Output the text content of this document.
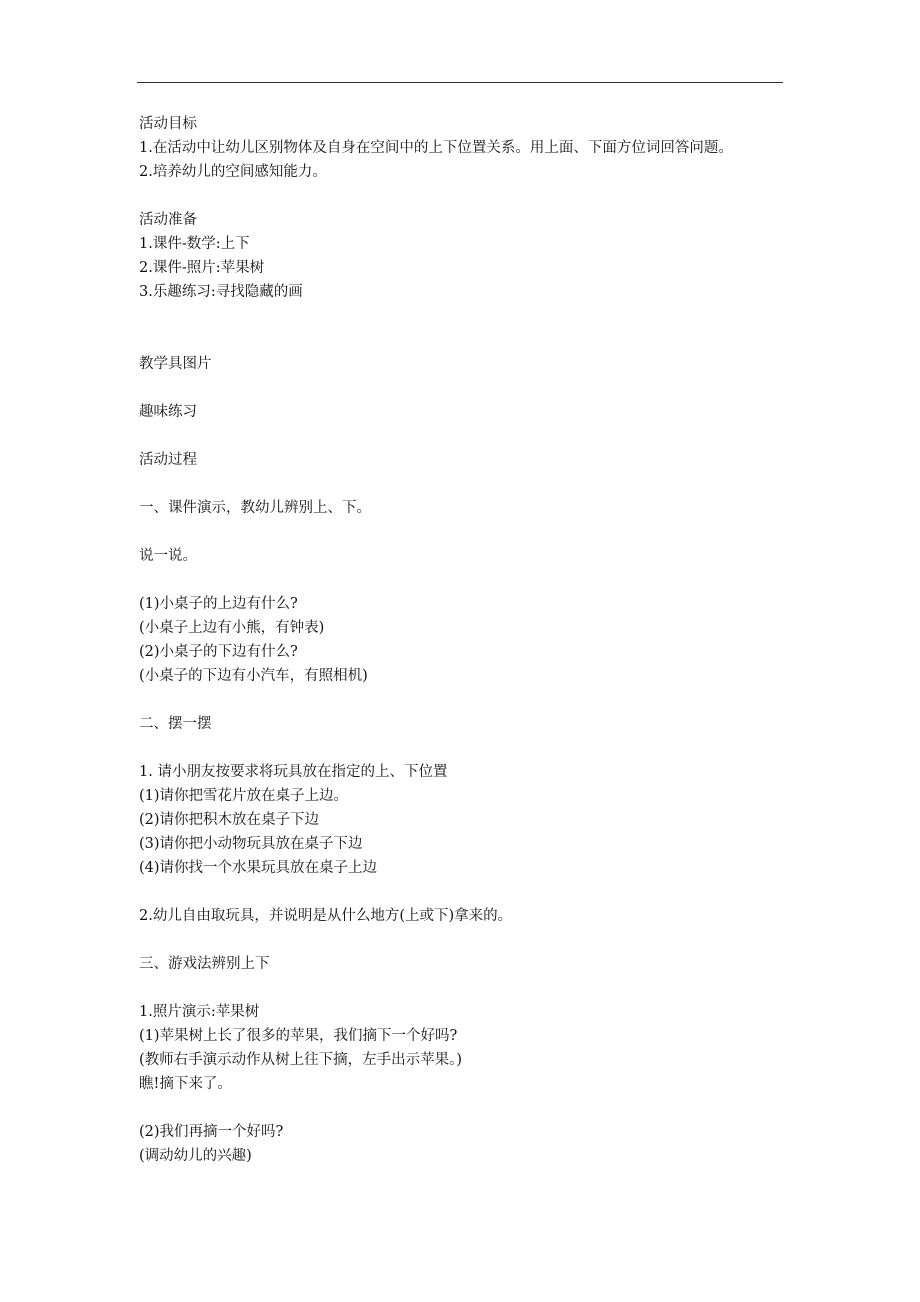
活动目标
1.在活动中让幼儿区别物体及自身在空间中的上下位置关系。用上面、下面方位词回答问题。
2.培养幼儿的空间感知能力。
活动准备
1.课件-数学:上下
2.课件-照片:苹果树
3.乐趣练习:寻找隐藏的画
教学具图片
趣味练习
活动过程
一、课件演示，教幼儿辨别上、下。
说一说。
(1)小桌子的上边有什么?
(小桌子上边有小熊，有钟表)
(2)小桌子的下边有什么?
(小桌子的下边有小汽车，有照相机)
二、摆一摆
1. 请小朋友按要求将玩具放在指定的上、下位置
(1)请你把雪花片放在桌子上边。
(2)请你把积木放在桌子下边
(3)请你把小动物玩具放在桌子下边
(4)请你找一个水果玩具放在桌子上边
2.幼儿自由取玩具，并说明是从什么地方(上或下)拿来的。
三、游戏法辨别上下
1.照片演示:苹果树
(1)苹果树上长了很多的苹果，我们摘下一个好吗?
(教师右手演示动作从树上往下摘，左手出示苹果。)
瞧!摘下来了。
(2)我们再摘一个好吗?
(调动幼儿的兴趣)
